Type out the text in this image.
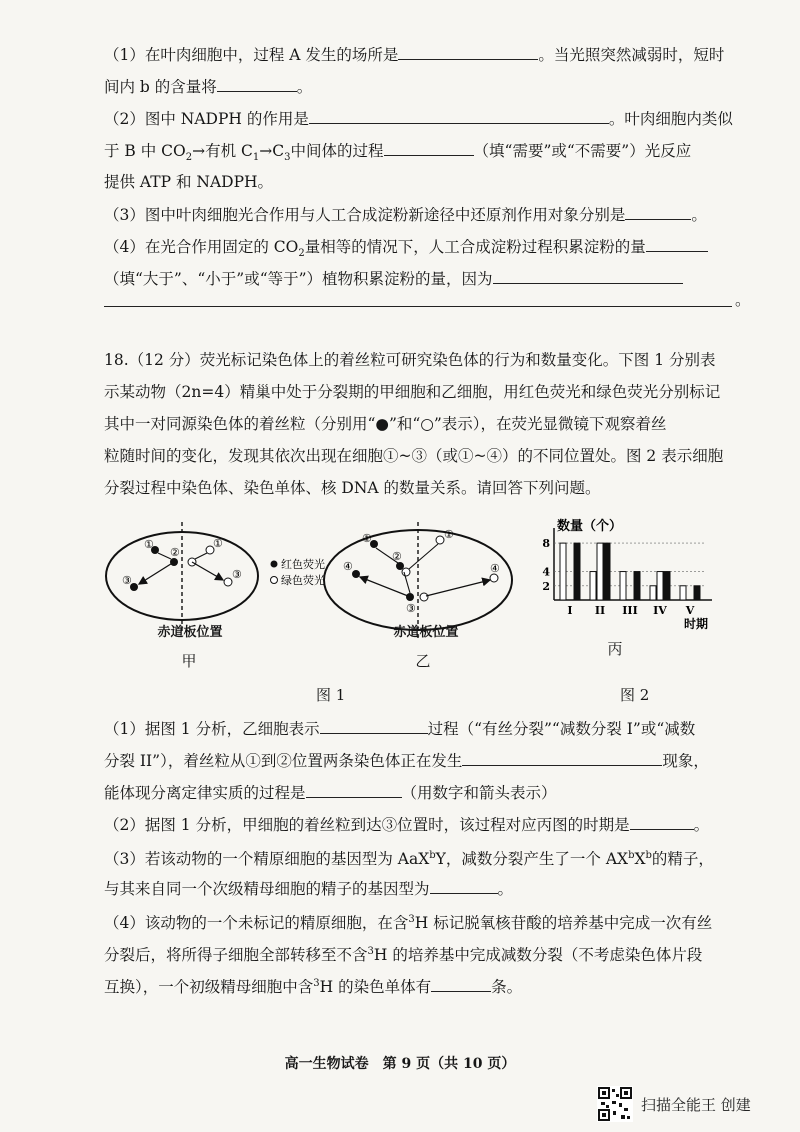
（1）在叶肉细胞中，过程 A 发生的场所是	。当光照突然减弱时，短时
间内 b 的含量将	。
（2）图中 NADPH 的作用是	。叶肉细胞内类似
于 B 中 $CO_2\to$有机 $C_1\to C_3$中间体的过程	（填“需要”或“不需要”）光反应
提供 ATP 和 NADPH。
（3）图中叶肉细胞光合作用与人工合成淀粉新途径中还原剂作用对象分别是	。
（4）在光合作用固定的 $CO_2$量相等的情况下，人工合成淀粉过程积累淀粉的量
（填“大于”、“小于”或“等于”）植物积累淀粉的量，因为
。
18.（12 分）荧光标记染色体上的着丝粒可研究染色体的行为和数量变化。下图 1 分别表
示某动物（2n=4）精巢中处于分裂期的甲细胞和乙细胞，用红色荧光和绿色荧光分别标记
其中一对同源染色体的着丝粒（分别用“●”和“○”表示），在荧光显微镜下观察着丝
粒随时间的变化，发现其依次出现在细胞①~③（或①~④）的不同位置处。图 2 表示细胞
分裂过程中染色体、染色单体、核 DNA 的数量关系。请回答下列问题。
①
②
③
①
③
红色荧光
绿色荧光
①	①
②
③
④	④
赤道板位置	赤道板位置
甲	乙
数量（个）
2
4
8
I II III IV V
时期
丙
图 1	图 2
（1）据图 1 分析，乙细胞表示	过程（“有丝分裂”“减数分裂 I”或“减数
分裂 II”），着丝粒从①到②位置两条染色体正在发生	现象，
能体现分离定律实质的过程是	（用数字和箭头表示）
（2）据图 1 分析，甲细胞的着丝粒到达③位置时，该过程对应丙图的时期是	。
（3）若该动物的一个精原细胞的基因型为 AaX$^b$Y，减数分裂产生了一个 $AX^bX^b$的精子，
与其来自同一个次级精母细胞的精子的基因型为	。
（4）该动物的一个未标记的精原细胞，在含$^3$H 标记脱氧核苷酸的培养基中完成一次有丝
分裂后，将所得子细胞全部转移至不含$^3$H 的培养基中完成减数分裂（不考虑染色体片段
互换），一个初级精母细胞中含$^3$H 的染色单体有	条。
高一生物试卷　第 9 页（共 10 页）
扫描全能王 创建
